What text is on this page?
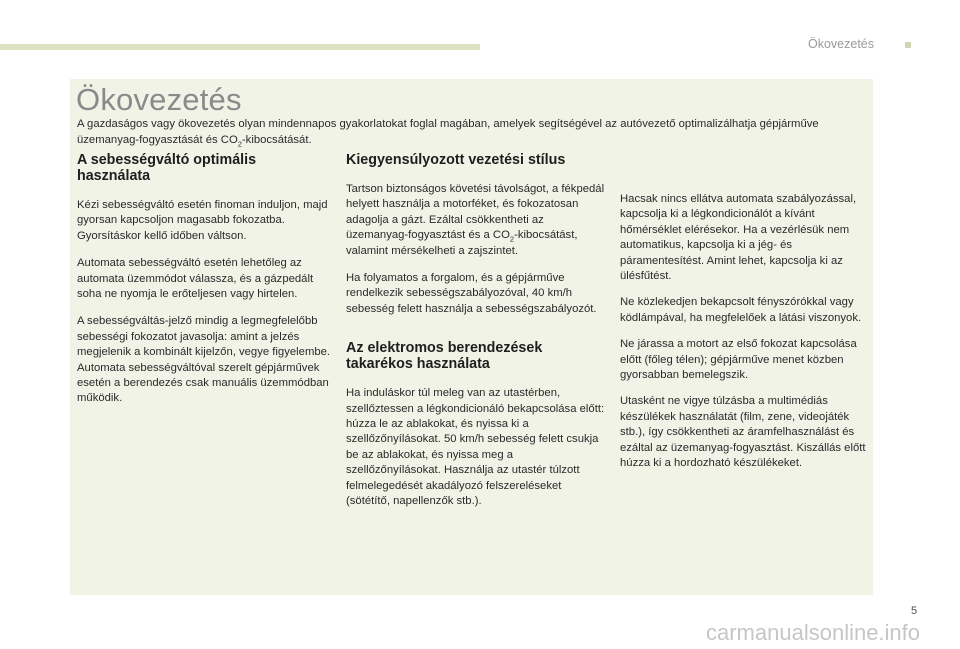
Ökovezetés
Ökovezetés

A gazdaságos vagy ökovezetés olyan mindennapos gyakorlatokat foglal magában, amelyek segítségével az autóvezető optimalizálhatja gépjárműve üzemanyag-fogyasztását és $CO_2$-kibocsátását.

A sebességváltó optimális használata

Kézi sebességváltó esetén finoman induljon, majd gyorsan kapcsoljon magasabb fokozatba. Gyorsításkor kellő időben váltson.

Automata sebességváltó esetén lehetőleg az automata üzemmódot válassza, és a gázpedált soha ne nyomja le erőteljesen vagy hirtelen.

A sebességváltás-jelző mindig a legmegfelelőbb sebességi fokozatot javasolja: amint a jelzés megjelenik a kombinált kijelzőn, vegye figyelembe. Automata sebességváltóval szerelt gépjárművek esetén a berendezés csak manuális üzemmódban működik.

Kiegyensúlyozott vezetési stílus

Tartson biztonságos követési távolságot, a fékpedál helyett használja a motorféket, és fokozatosan adagolja a gázt. Ezáltal csökkentheti az üzemanyag-fogyasztást és a $CO_2$-kibocsátást, valamint mérsékelheti a zajszintet.

Ha folyamatos a forgalom, és a gépjárműve rendelkezik sebességszabályozóval, 40 km/h sebesség felett használja a sebességszabályozót.

Az elektromos berendezések takarékos használata

Ha induláskor túl meleg van az utastérben, szellőztessen a légkondicionáló bekapcsolása előtt: húzza le az ablakokat, és nyissa ki a szellőzőnyílásokat. 50 km/h sebesség felett csukja be az ablakokat, és nyissa meg a szellőzőnyílásokat. Használja az utastér túlzott felmelegedését akadályozó felszereléseket (sötétítő, napellenzők stb.).

Hacsak nincs ellátva automata szabályozással, kapcsolja ki a légkondicionálót a kívánt hőmérséklet elérésekor. Ha a vezérlésük nem automatikus, kapcsolja ki a jég- és páramentesítést. Amint lehet, kapcsolja ki az ülésfűtést.

Ne közlekedjen bekapcsolt fényszórókkal vagy ködlámpával, ha megfelelőek a látási viszonyok.

Ne járassa a motort az első fokozat kapcsolása előtt (főleg télen); gépjárműve menet közben gyorsabban bemelegszik.

Utasként ne vigye túlzásba a multimédiás készülékek használatát (film, zene, videojáték stb.), így csökkentheti az áramfelhasználást és ezáltal az üzemanyag-fogyasztást. Kiszállás előtt húzza ki a hordozható készülékeket.

5
carmanualsonline.info
